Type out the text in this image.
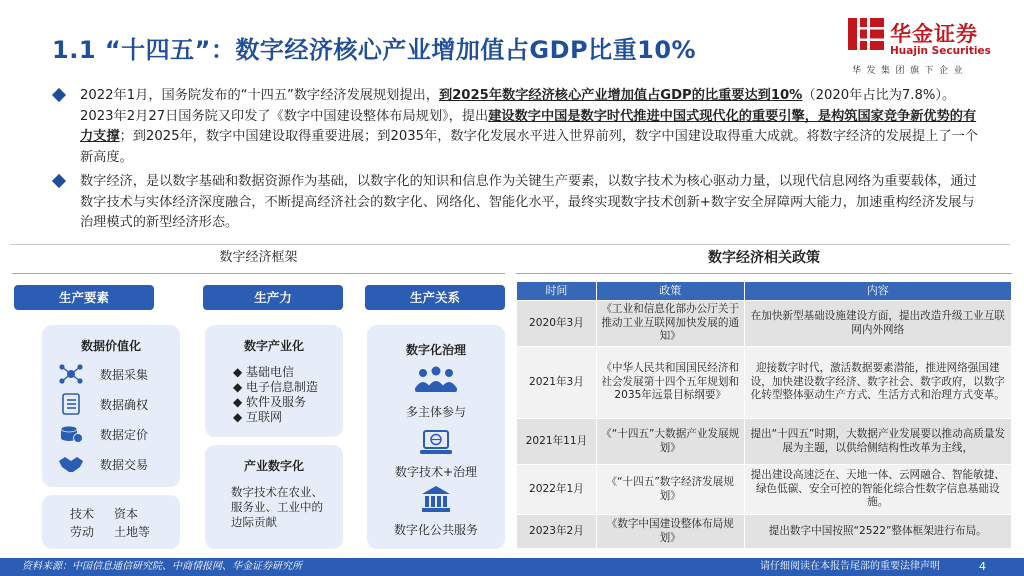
1.1 “十四五”：数字经济核心产业增加值占GDP比重10%
华金证券
Huajin Securities
华发集团旗下企业
2022年1月，国务院发布的“十四五”数字经济发展规划提出，到2025年数字经济核心产业增加值占GDP的比重要达到10%（2020年占比为7.8%）。2023年2月27日国务院又印发了《数字中国建设整体布局规划》，提出建设数字中国是数字时代推进中国式现代化的重要引擎，是构筑国家竞争新优势的有力支撑；到2025年，数字中国建设取得重要进展；到2035年，数字化发展水平进入世界前列，数字中国建设取得重大成就。将数字经济的发展提上了一个新高度。
数字经济，是以数字基础和数据资源作为基础，以数字化的知识和信息作为关键生产要素，以数字技术为核心驱动力量，以现代信息网络为重要载体，通过数字技术与实体经济深度融合，不断提高经济社会的数字化、网络化、智能化水平，最终实现数字技术创新+数字安全屏障两大能力，加速重构经济发展与治理模式的新型经济形态。
数字经济框架
生产要素	生产力	生产关系
数据价值化
数据采集
数据确权
数据定价
数据交易
技术 资本
劳动 土地等
数字产业化
◆ 基础电信
◆ 电子信息制造
◆ 软件及服务
◆ 互联网
产业数字化
数字技术在农业、服务业、工业中的边际贡献
数字化治理
多主体参与
数字技术+治理
数字化公共服务
数字经济相关政策
时间	政策	内容
2020年3月	《工业和信息化部办公厅关于推动工业互联网加快发展的通知》	在加快新型基础设施建设方面，提出改造升级工业互联网内外网络
2021年3月	《中华人民共和国国民经济和社会发展第十四个五年规划和2035年远景目标纲要》	迎接数字时代，激活数据要素潜能，推进网络强国建设，加快建设数字经济、数字社会、数字政府，以数字化转型整体驱动生产方式、生活方式和治理方式变革。
2021年11月	《“十四五”大数据产业发展规划》	提出“十四五”时期，大数据产业发展要以推动高质量发展为主题，以供给侧结构性改革为主线，
2022年1月	《“十四五”数字经济发展规划》	提出建设高速泛在、天地一体、云网融合、智能敏捷、绿色低碳、安全可控的智能化综合性数字信息基础设施。
2023年2月	《数字中国建设整体布局规划》	提出数字中国按照“2522”整体框架进行布局。
资料来源：中国信息通信研究院、中商情报网、华金证券研究所	请仔细阅读在本报告尾部的重要法律声明	4
